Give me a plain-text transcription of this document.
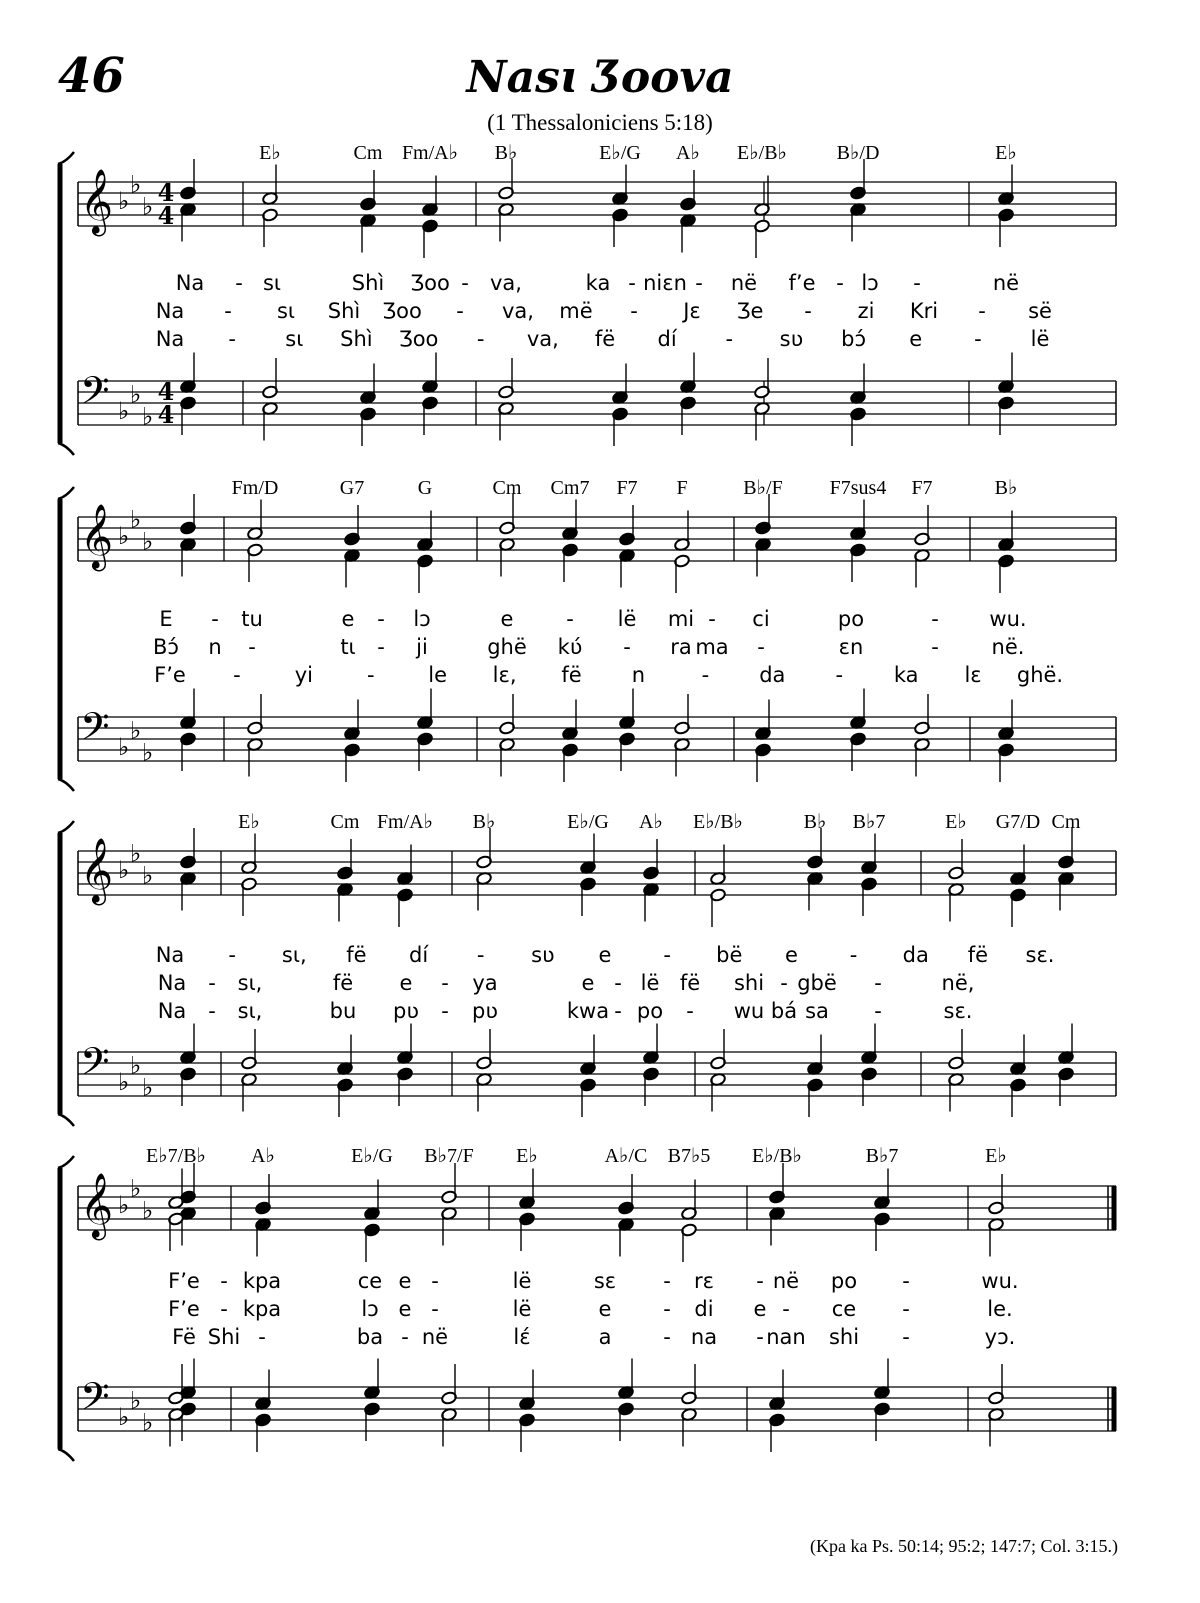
46	Nasɩ Ʒoova
(1 Thessaloniciens 5:18)
𝄞 ♭
♭
♭ 4
4
𝄢 ♭
♭
♭
4
4
E♭	Cm Fm/A♭ B♭	E♭/G A♭ E♭/B♭ B♭/D	E♭
Na - sɩ	Shì Ʒoo - va,	ka - niɛn - në f’e - lɔ -	në
Na - sɩ Shì Ʒoo - va, më - Jɛ Ʒe - zi Kri - së
Na - sɩ Shì Ʒoo - va, fë dí - sʋ bɔ́ e - lë
𝄞 ♭
♭
♭
𝄢 ♭
♭
♭
Fm/D	G7	G	Cm Cm7 F7 F	B♭/F F7sus4 F7	B♭
E - tu	e - lɔ	e	- lë mi - ci	po	- wu.
Bɔ́ n -	tɩ - ji	ghë kʋ́ - ra ma -	ɛn	-	në.
F’e -	yi	-	le lɛ, fë n	- da - ka lɛ ghë.
𝄞 ♭
♭
♭
𝄢 ♭
♭
♭
E♭	Cm Fm/A♭ B♭	E♭/G A♭ E♭/B♭	B♭ B♭7	E♭ G7/D Cm
Na - sɩ, fë dí - sʋ e - bë e - da fë sɛ.
Na - sɩ,	fë e - ya	e - lë fë shi - gbë -	në,
Na - sɩ,	bu pʋ - pʋ	kwa - po - wu bá sa -	sɛ.
𝄞 ♭
♭
♭
𝄢 ♭
♭
♭
E♭7/B♭ A♭	E♭/G B♭7/F E♭	A♭/C B7♭5 E♭/B♭	B♭7	E♭
F’e - kpa	ce e -	lë	sɛ - rɛ - në po -	wu.
F’e - kpa	lɔ e -	lë	e - di e - ce -	le.
Fë Shi -	ba - në	lɛ́	a - na - nan shi -	yɔ.
(Kpa ka Ps. 50:14; 95:2; 147:7; Col. 3:15.)
